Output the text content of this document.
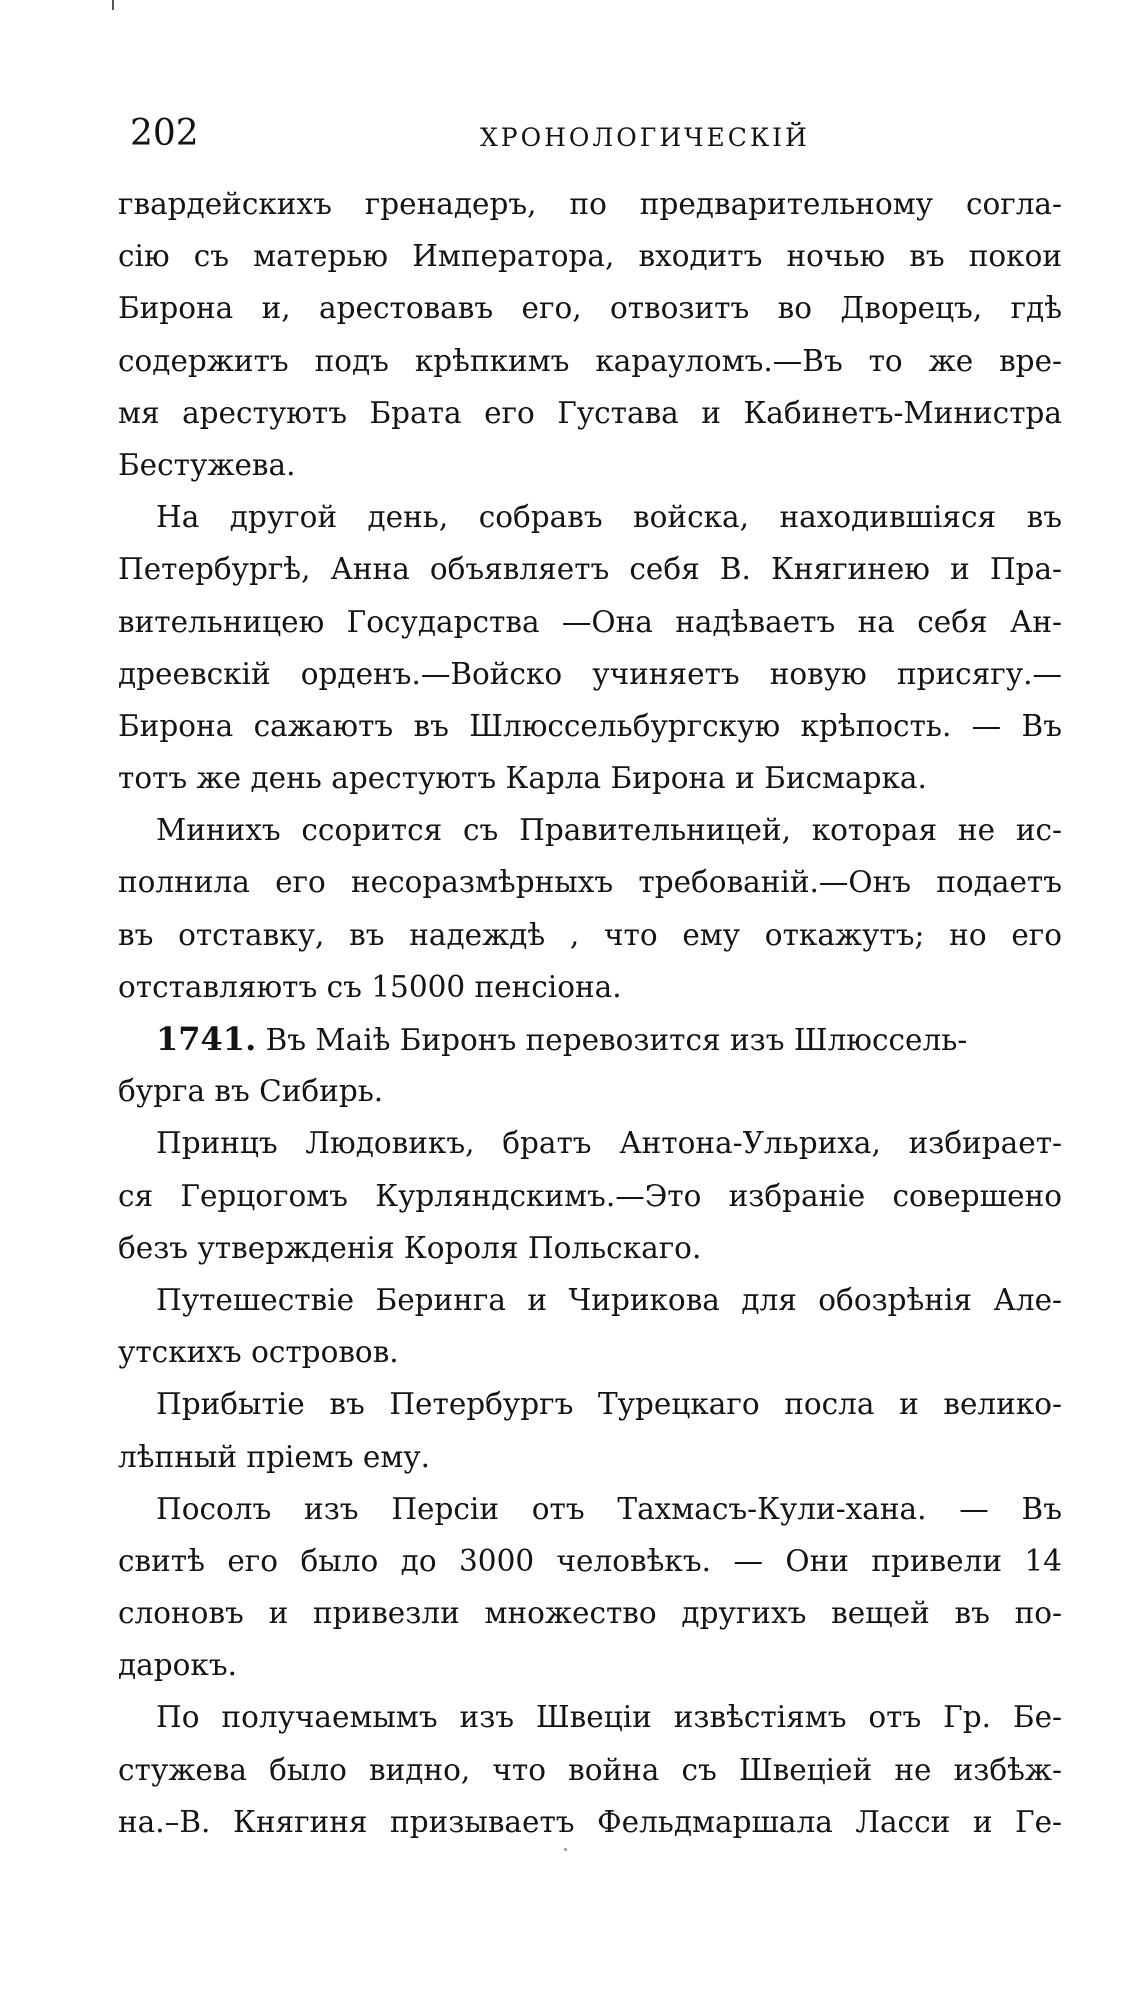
202	ХРОНОЛОГИЧЕСКІЙ
гвардейскихъ гренадеръ, по предварительному согла-
сію съ матерью Императора, входитъ ночью въ покои
Бирона и, арестовавъ его, отвозитъ во Дворецъ, гдѣ
содержитъ подъ крѣпкимъ карауломъ.—Въ то же вре-
мя арестуютъ Брата его Густава и Кабинетъ-Министра
Бестужева.
На другой день, собравъ войска, находившіяся въ
Петербургѣ, Анна объявляетъ себя В. Княгинею и Пра-
вительницею Государства —Она надѣваетъ на себя Ан-
дреевскій орденъ.—Войско учиняетъ новую присягу.—
Бирона сажаютъ въ Шлюссельбургскую крѣпость. — Въ
тотъ же день арестуютъ Карла Бирона и Бисмарка.
Минихъ ссорится съ Правительницей, которая не ис-
полнила его несоразмѣрныхъ требованій.—Онъ подаетъ
въ отставку, въ надеждѣ , что ему откажутъ; но его
отставляютъ съ 15000 пенсіона.
1741. Въ Маіѣ Биронъ перевозится изъ Шлюссель-
бурга въ Сибирь.
Принцъ Людовикъ, братъ Антона-Ульриха, избирает-
ся Герцогомъ Курляндскимъ.—Это избраніе совершено
безъ утвержденія Короля Польскаго.
Путешествіе Беринга и Чирикова для обозрѣнія Але-
утскихъ островов.
Прибытіе въ Петербургъ Турецкаго посла и велико-
лѣпный пріемъ ему.
Посолъ изъ Персіи отъ Тахмасъ-Кули-хана. — Въ
свитѣ его было до 3000 человѣкъ. — Они привели 14
слоновъ и привезли множество другихъ вещей въ по-
дарокъ.
По получаемымъ изъ Швеціи извѣстіямъ отъ Гр. Бе-
стужева было видно, что война съ Швеціей не избѣж-
на.–В. Княгиня призываетъ Фельдмаршала Ласси и Ге-
